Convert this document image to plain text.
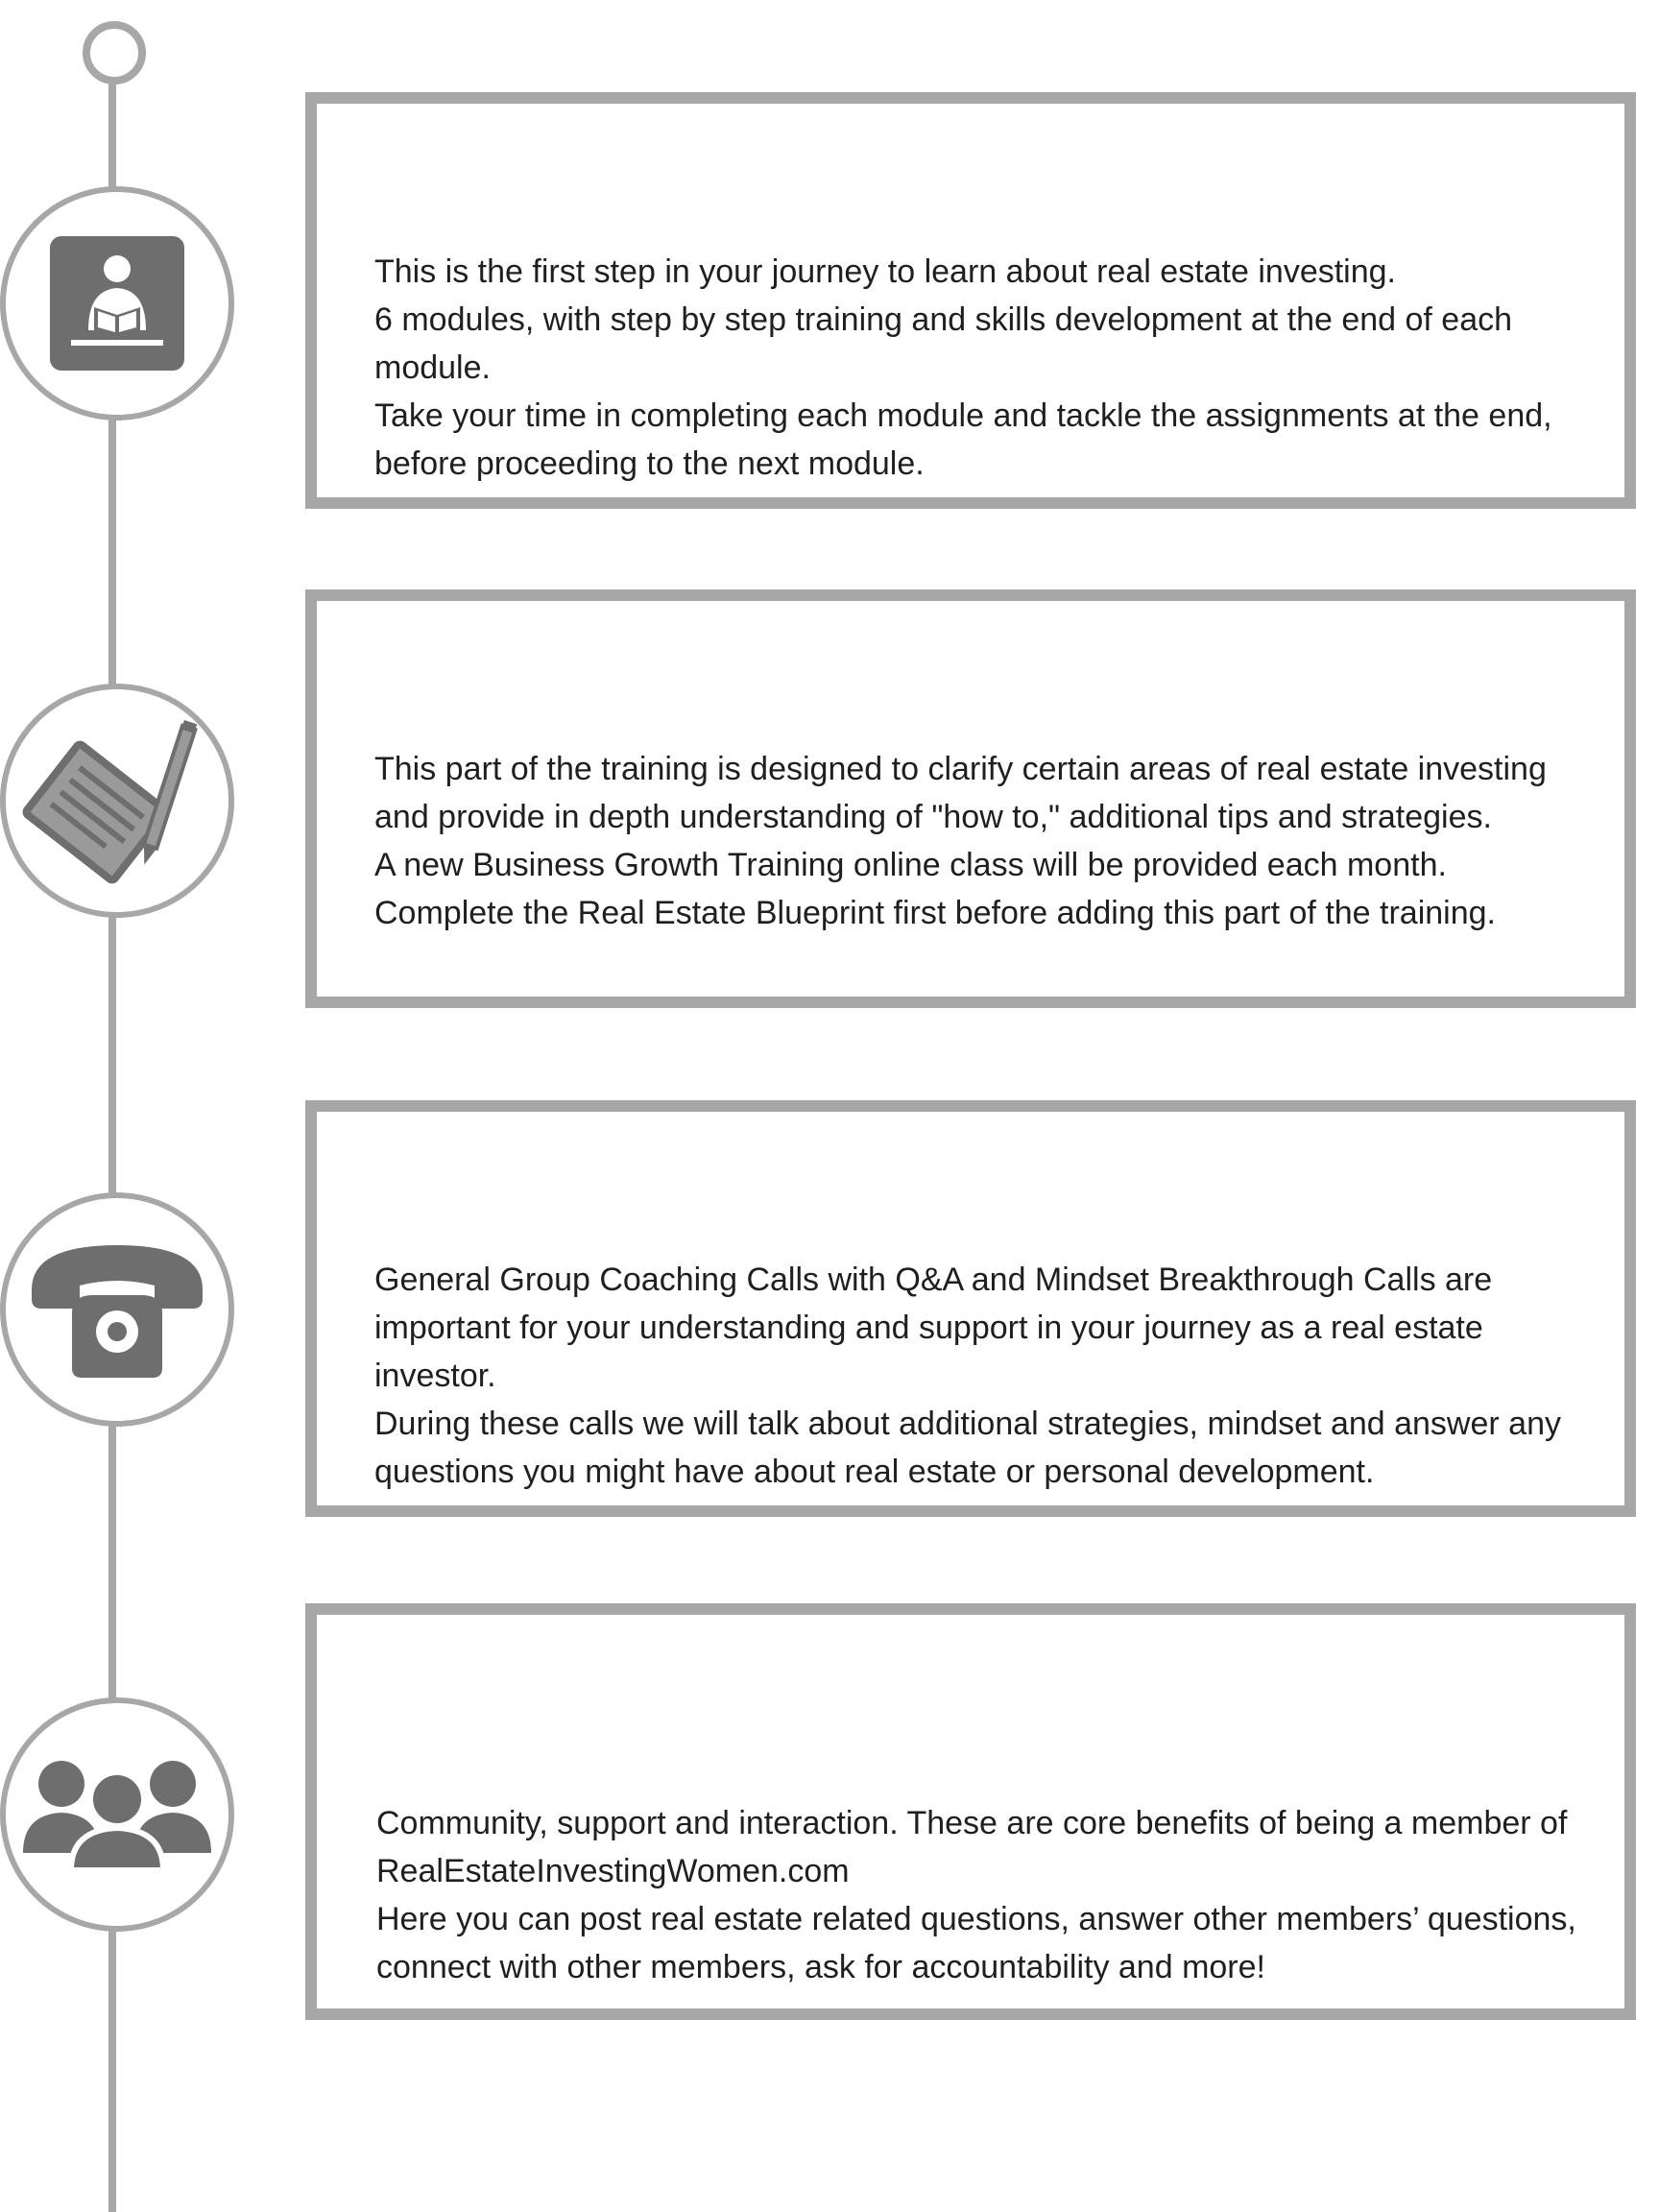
This is the first step in your journey to learn about real estate investing.

6 modules, with step by step training and skills development at the end of each module.

Take your time in completing each module and tackle the assignments at the end, before proceeding to the next module.

This part of the training is designed to clarify certain areas of real estate investing and provide in depth understanding of "how to," additional tips and strategies.

A new Business Growth Training online class will be provided each month.

Complete the Real Estate Blueprint first before adding this part of the training.

General Group Coaching Calls with Q&A and Mindset Breakthrough Calls are important for your understanding and support in your journey as a real estate investor.

During these calls we will talk about additional strategies, mindset and answer any questions you might have about real estate or personal development.

Community, support and interaction. These are core benefits of being a member of RealEstateInvestingWomen.com

Here you can post real estate related questions, answer other members’ questions, connect with other members, ask for accountability and more!
